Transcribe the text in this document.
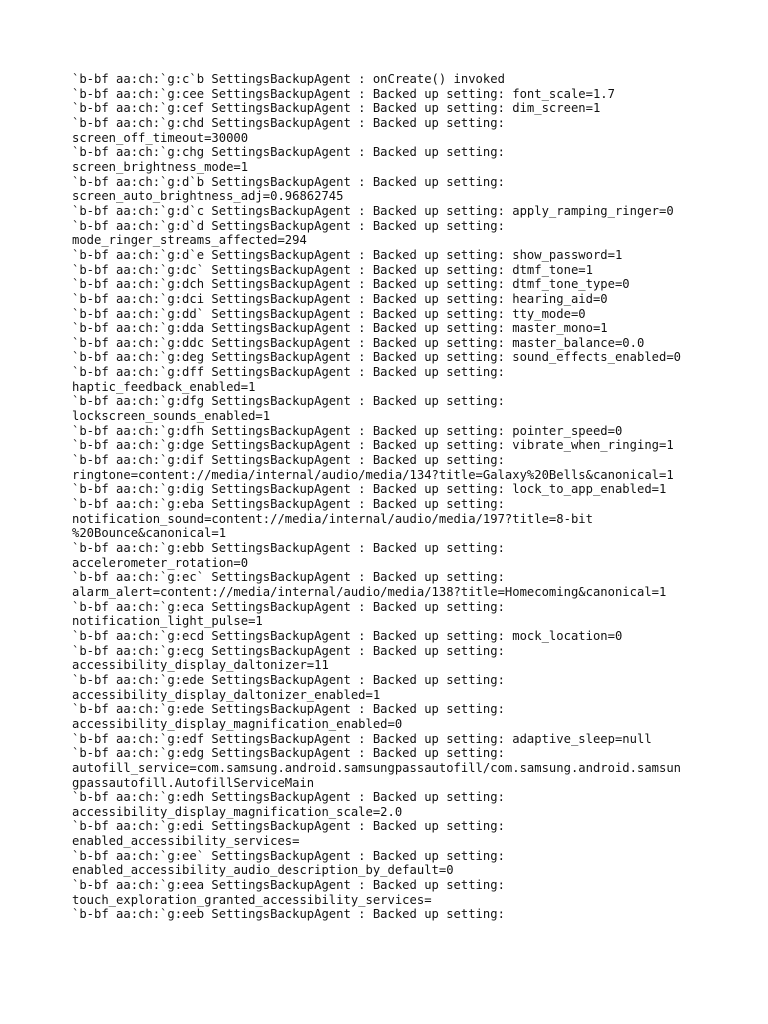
`b-bf aa:ch:`g:c`b SettingsBackupAgent : onCreate() invoked
`b-bf aa:ch:`g:cee SettingsBackupAgent : Backed up setting: font_scale=1.7
`b-bf aa:ch:`g:cef SettingsBackupAgent : Backed up setting: dim_screen=1
`b-bf aa:ch:`g:chd SettingsBackupAgent : Backed up setting:
screen_off_timeout=30000
`b-bf aa:ch:`g:chg SettingsBackupAgent : Backed up setting:
screen_brightness_mode=1
`b-bf aa:ch:`g:d`b SettingsBackupAgent : Backed up setting:
screen_auto_brightness_adj=0.96862745
`b-bf aa:ch:`g:d`c SettingsBackupAgent : Backed up setting: apply_ramping_ringer=0
`b-bf aa:ch:`g:d`d SettingsBackupAgent : Backed up setting:
mode_ringer_streams_affected=294
`b-bf aa:ch:`g:d`e SettingsBackupAgent : Backed up setting: show_password=1
`b-bf aa:ch:`g:dc` SettingsBackupAgent : Backed up setting: dtmf_tone=1
`b-bf aa:ch:`g:dch SettingsBackupAgent : Backed up setting: dtmf_tone_type=0
`b-bf aa:ch:`g:dci SettingsBackupAgent : Backed up setting: hearing_aid=0
`b-bf aa:ch:`g:dd` SettingsBackupAgent : Backed up setting: tty_mode=0
`b-bf aa:ch:`g:dda SettingsBackupAgent : Backed up setting: master_mono=1
`b-bf aa:ch:`g:ddc SettingsBackupAgent : Backed up setting: master_balance=0.0
`b-bf aa:ch:`g:deg SettingsBackupAgent : Backed up setting: sound_effects_enabled=0
`b-bf aa:ch:`g:dff SettingsBackupAgent : Backed up setting:
haptic_feedback_enabled=1
`b-bf aa:ch:`g:dfg SettingsBackupAgent : Backed up setting:
lockscreen_sounds_enabled=1
`b-bf aa:ch:`g:dfh SettingsBackupAgent : Backed up setting: pointer_speed=0
`b-bf aa:ch:`g:dge SettingsBackupAgent : Backed up setting: vibrate_when_ringing=1
`b-bf aa:ch:`g:dif SettingsBackupAgent : Backed up setting:
ringtone=content://media/internal/audio/media/134?title=Galaxy%20Bells&canonical=1
`b-bf aa:ch:`g:dig SettingsBackupAgent : Backed up setting: lock_to_app_enabled=1
`b-bf aa:ch:`g:eba SettingsBackupAgent : Backed up setting:
notification_sound=content://media/internal/audio/media/197?title=8-bit
%20Bounce&canonical=1
`b-bf aa:ch:`g:ebb SettingsBackupAgent : Backed up setting:
accelerometer_rotation=0
`b-bf aa:ch:`g:ec` SettingsBackupAgent : Backed up setting:
alarm_alert=content://media/internal/audio/media/138?title=Homecoming&canonical=1
`b-bf aa:ch:`g:eca SettingsBackupAgent : Backed up setting:
notification_light_pulse=1
`b-bf aa:ch:`g:ecd SettingsBackupAgent : Backed up setting: mock_location=0
`b-bf aa:ch:`g:ecg SettingsBackupAgent : Backed up setting:
accessibility_display_daltonizer=11
`b-bf aa:ch:`g:ede SettingsBackupAgent : Backed up setting:
accessibility_display_daltonizer_enabled=1
`b-bf aa:ch:`g:ede SettingsBackupAgent : Backed up setting:
accessibility_display_magnification_enabled=0
`b-bf aa:ch:`g:edf SettingsBackupAgent : Backed up setting: adaptive_sleep=null
`b-bf aa:ch:`g:edg SettingsBackupAgent : Backed up setting:
autofill_service=com.samsung.android.samsungpassautofill/com.samsung.android.samsun
gpassautofill.AutofillServiceMain
`b-bf aa:ch:`g:edh SettingsBackupAgent : Backed up setting:
accessibility_display_magnification_scale=2.0
`b-bf aa:ch:`g:edi SettingsBackupAgent : Backed up setting:
enabled_accessibility_services=
`b-bf aa:ch:`g:ee` SettingsBackupAgent : Backed up setting:
enabled_accessibility_audio_description_by_default=0
`b-bf aa:ch:`g:eea SettingsBackupAgent : Backed up setting:
touch_exploration_granted_accessibility_services=
`b-bf aa:ch:`g:eeb SettingsBackupAgent : Backed up setting:
